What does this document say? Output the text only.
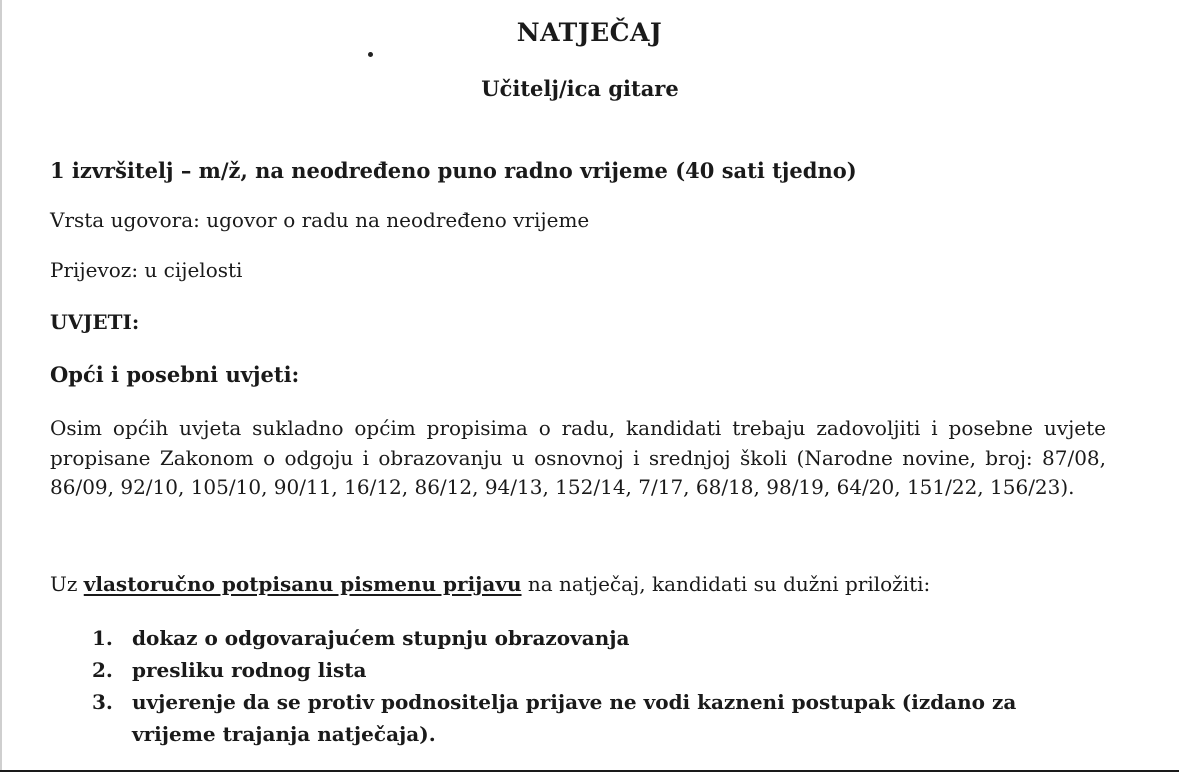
NATJEČAJ
Učitelj/ica gitare
1 izvršitelj – m/ž, na neodređeno puno radno vrijeme (40 sati tjedno)
Vrsta ugovora: ugovor o radu na neodređeno vrijeme
Prijevoz: u cijelosti
UVJETI:
Opći i posebni uvjeti:
Osim općih uvjeta sukladno općim propisima o radu, kandidati trebaju zadovoljiti i posebne uvjete propisane Zakonom o odgoju i obrazovanju u osnovnoj i srednjoj školi (Narodne novine, broj: 87/08, 86/09, 92/10, 105/10, 90/11, 16/12, 86/12, 94/13, 152/14, 7/17, 68/18, 98/19, 64/20, 151/22, 156/23).
Uz vlastoručno potpisanu pismenu prijavu na natječaj, kandidati su dužni priložiti:
1. dokaz o odgovarajućem stupnju obrazovanja
2. presliku rodnog lista
3. uvjerenje da se protiv podnositelja prijave ne vodi kazneni postupak (izdano za vrijeme trajanja natječaja).
